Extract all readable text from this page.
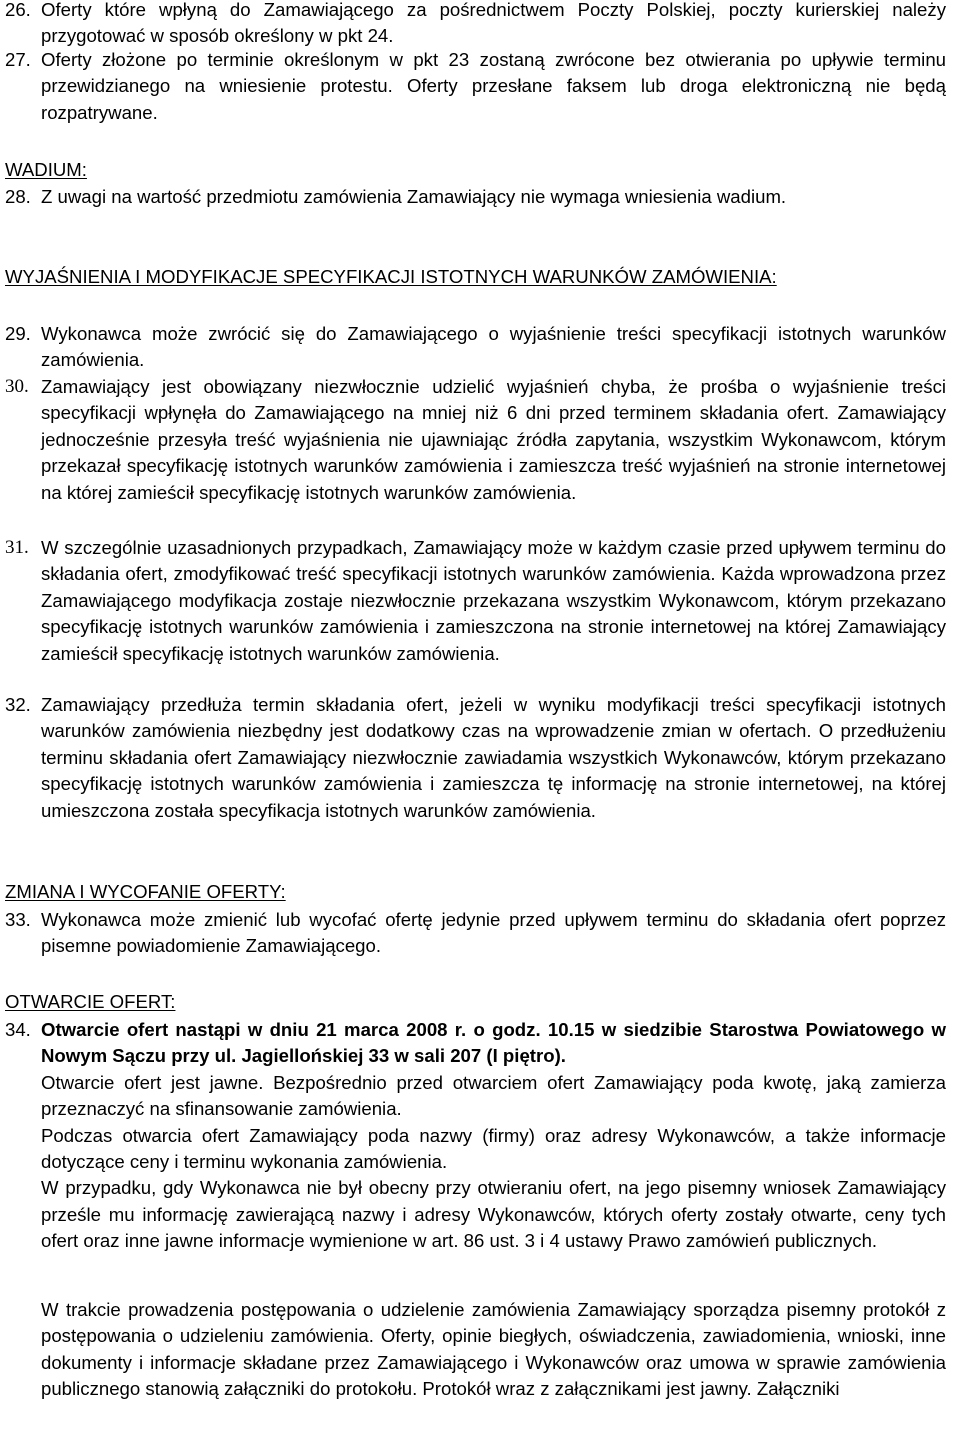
26. Oferty które wpłyną do Zamawiającego za pośrednictwem Poczty Polskiej, poczty kurierskiej należy przygotować w sposób określony w pkt 24.
27. Oferty złożone po terminie określonym w pkt 23 zostaną zwrócone bez otwierania po upływie terminu przewidzianego na wniesienie protestu. Oferty przesłane faksem lub droga elektroniczną nie będą rozpatrywane.
WADIUM:
28. Z uwagi na wartość przedmiotu zamówienia Zamawiający nie wymaga wniesienia wadium.
WYJAŚNIENIA I MODYFIKACJE SPECYFIKACJI ISTOTNYCH WARUNKÓW ZAMÓWIENIA:
29. Wykonawca może zwrócić się do Zamawiającego o wyjaśnienie treści specyfikacji istotnych warunków zamówienia.
30. Zamawiający jest obowiązany niezwłocznie udzielić wyjaśnień chyba, że prośba o wyjaśnienie treści specyfikacji wpłynęła do Zamawiającego na mniej niż 6 dni przed terminem składania ofert. Zamawiający jednocześnie przesyła treść wyjaśnienia nie ujawniając źródła zapytania, wszystkim Wykonawcom, którym przekazał specyfikację istotnych warunków zamówienia i zamieszcza treść wyjaśnień na stronie internetowej na której zamieścił specyfikację istotnych warunków zamówienia.
31. W szczególnie uzasadnionych przypadkach, Zamawiający może w każdym czasie przed upływem terminu do składania ofert, zmodyfikować treść specyfikacji istotnych warunków zamówienia. Każda wprowadzona przez Zamawiającego modyfikacja zostaje niezwłocznie przekazana wszystkim Wykonawcom, którym przekazano specyfikację istotnych warunków zamówienia i zamieszczona na stronie internetowej na której Zamawiający zamieścił specyfikację istotnych warunków zamówienia.
32. Zamawiający przedłuża termin składania ofert, jeżeli w wyniku modyfikacji treści specyfikacji istotnych warunków zamówienia niezbędny jest dodatkowy czas na wprowadzenie zmian w ofertach. O przedłużeniu terminu składania ofert Zamawiający niezwłocznie zawiadamia wszystkich Wykonawców, którym przekazano specyfikację istotnych warunków zamówienia i zamieszcza tę informację na stronie internetowej, na której umieszczona została specyfikacja istotnych warunków zamówienia.
ZMIANA I WYCOFANIE OFERTY:
33. Wykonawca może zmienić lub wycofać ofertę jedynie przed upływem terminu do składania ofert poprzez pisemne powiadomienie Zamawiającego.
OTWARCIE OFERT:
34. Otwarcie ofert nastąpi w dniu 21 marca 2008 r. o godz. 10.15 w siedzibie Starostwa Powiatowego w Nowym Sączu przy ul. Jagiellońskiej 33 w sali 207 (I piętro).
Otwarcie ofert jest jawne. Bezpośrednio przed otwarciem ofert Zamawiający poda kwotę, jaką zamierza przeznaczyć na sfinansowanie zamówienia.
Podczas otwarcia ofert Zamawiający poda nazwy (firmy) oraz adresy Wykonawców, a także informacje dotyczące ceny i terminu wykonania zamówienia.
W przypadku, gdy Wykonawca nie był obecny przy otwieraniu ofert, na jego pisemny wniosek Zamawiający prześle mu informację zawierającą nazwy i adresy Wykonawców, których oferty zostały otwarte, ceny tych ofert oraz inne jawne informacje wymienione w art. 86 ust. 3 i 4 ustawy Prawo zamówień publicznych.
W trakcie prowadzenia postępowania o udzielenie zamówienia Zamawiający sporządza pisemny protokół z postępowania o udzieleniu zamówienia. Oferty, opinie biegłych, oświadczenia, zawiadomienia, wnioski, inne dokumenty i informacje składane przez Zamawiającego i Wykonawców oraz umowa w sprawie zamówienia publicznego stanowią załączniki do protokołu. Protokół wraz z załącznikami jest jawny. Załączniki
